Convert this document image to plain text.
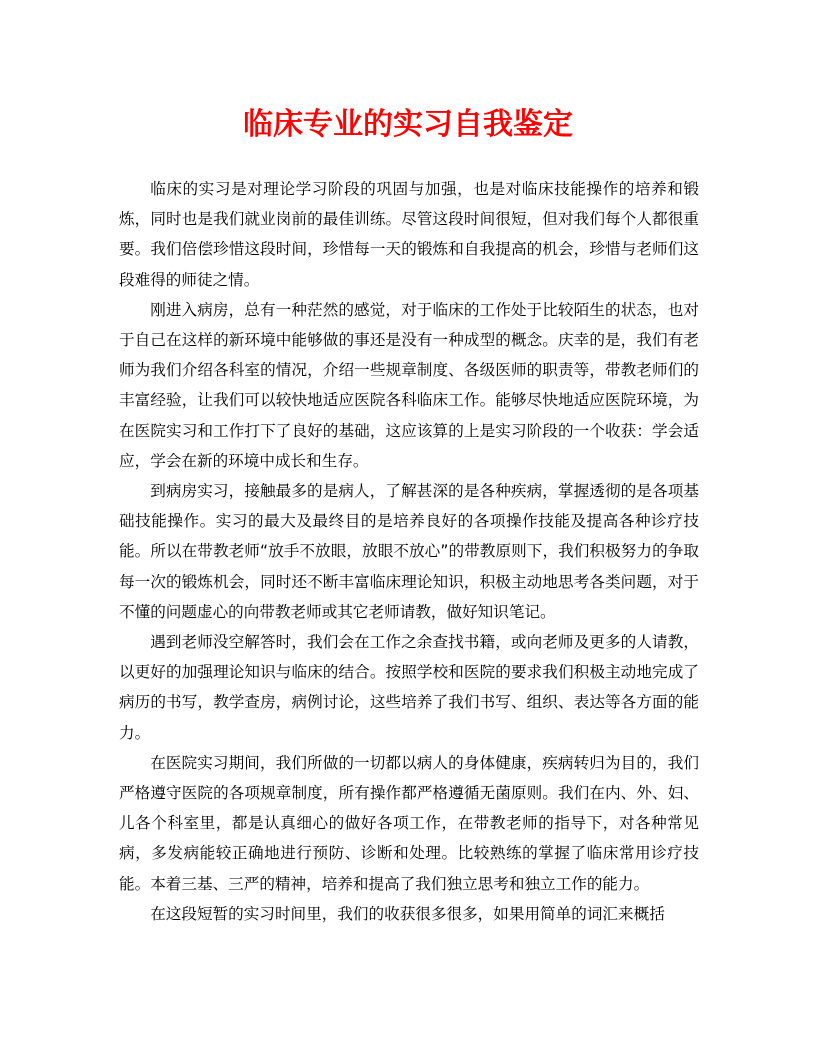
临床专业的实习自我鉴定

临床的实习是对理论学习阶段的巩固与加强，也是对临床技能操作的培养和锻炼，同时也是我们就业岗前的最佳训练。尽管这段时间很短，但对我们每个人都很重要。我们倍偿珍惜这段时间，珍惜每一天的锻炼和自我提高的机会，珍惜与老师们这段难得的师徒之情。

刚进入病房，总有一种茫然的感觉，对于临床的工作处于比较陌生的状态，也对于自己在这样的新环境中能够做的事还是没有一种成型的概念。庆幸的是，我们有老师为我们介绍各科室的情况，介绍一些规章制度、各级医师的职责等，带教老师们的丰富经验，让我们可以较快地适应医院各科临床工作。能够尽快地适应医院环境，为在医院实习和工作打下了良好的基础，这应该算的上是实习阶段的一个收获：学会适应，学会在新的环境中成长和生存。

到病房实习，接触最多的是病人，了解甚深的是各种疾病，掌握透彻的是各项基础技能操作。实习的最大及最终目的是培养良好的各项操作技能及提高各种诊疗技能。所以在带教老师“放手不放眼，放眼不放心”的带教原则下，我们积极努力的争取每一次的锻炼机会，同时还不断丰富临床理论知识，积极主动地思考各类问题，对于不懂的问题虚心的向带教老师或其它老师请教，做好知识笔记。

遇到老师没空解答时，我们会在工作之余查找书籍，或向老师及更多的人请教，以更好的加强理论知识与临床的结合。按照学校和医院的要求我们积极主动地完成了病历的书写，教学查房，病例讨论，这些培养了我们书写、组织、表达等各方面的能力。

在医院实习期间，我们所做的一切都以病人的身体健康，疾病转归为目的，我们严格遵守医院的各项规章制度，所有操作都严格遵循无菌原则。我们在内、外、妇、儿各个科室里，都是认真细心的做好各项工作，在带教老师的指导下，对各种常见病，多发病能较正确地进行预防、诊断和处理。比较熟练的掌握了临床常用诊疗技能。本着三基、三严的精神，培养和提高了我们独立思考和独立工作的能力。

在这段短暂的实习时间里，我们的收获很多很多，如果用简单的词汇来概括
